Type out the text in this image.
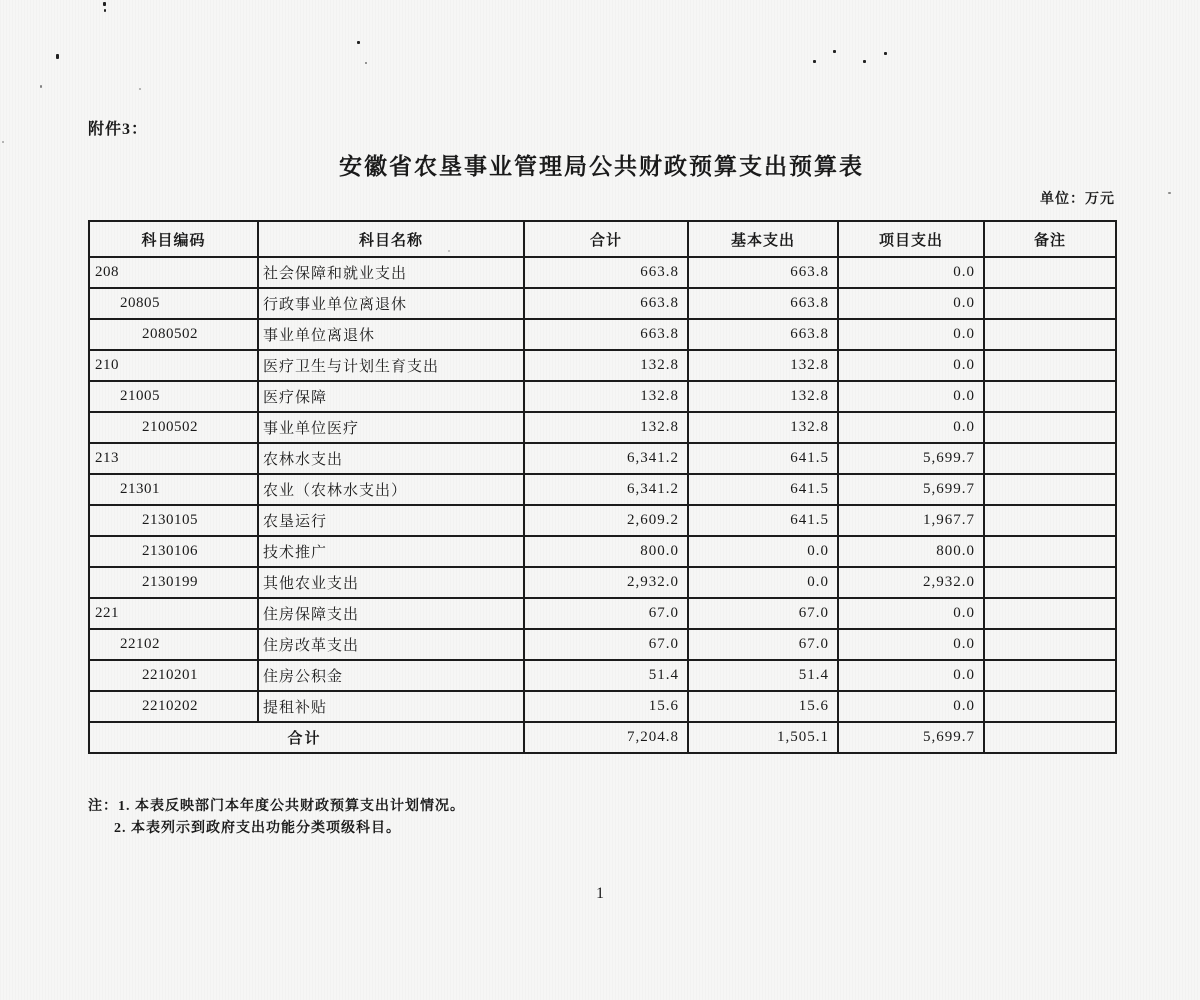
附件3：
安徽省农垦事业管理局公共财政预算支出预算表
单位：万元
科目编码	科目名称	合计	基本支出	项目支出	备注
208	社会保障和就业支出	663.8	663.8	0.0	
20805	行政事业单位离退休	663.8	663.8	0.0	
2080502	事业单位离退休	663.8	663.8	0.0	
210	医疗卫生与计划生育支出	132.8	132.8	0.0	
21005	医疗保障	132.8	132.8	0.0	
2100502	事业单位医疗	132.8	132.8	0.0	
213	农林水支出	6,341.2	641.5	5,699.7	
21301	农业（农林水支出）	6,341.2	641.5	5,699.7	
2130105	农垦运行	2,609.2	641.5	1,967.7	
2130106	技术推广	800.0	0.0	800.0	
2130199	其他农业支出	2,932.0	0.0	2,932.0	
221	住房保障支出	67.0	67.0	0.0	
22102	住房改革支出	67.0	67.0	0.0	
2210201	住房公积金	51.4	51.4	0.0	
2210202	提租补贴	15.6	15.6	0.0	
合计		7,204.8	1,505.1	5,699.7	
注：1. 本表反映部门本年度公共财政预算支出计划情况。
2. 本表列示到政府支出功能分类项级科目。
1
